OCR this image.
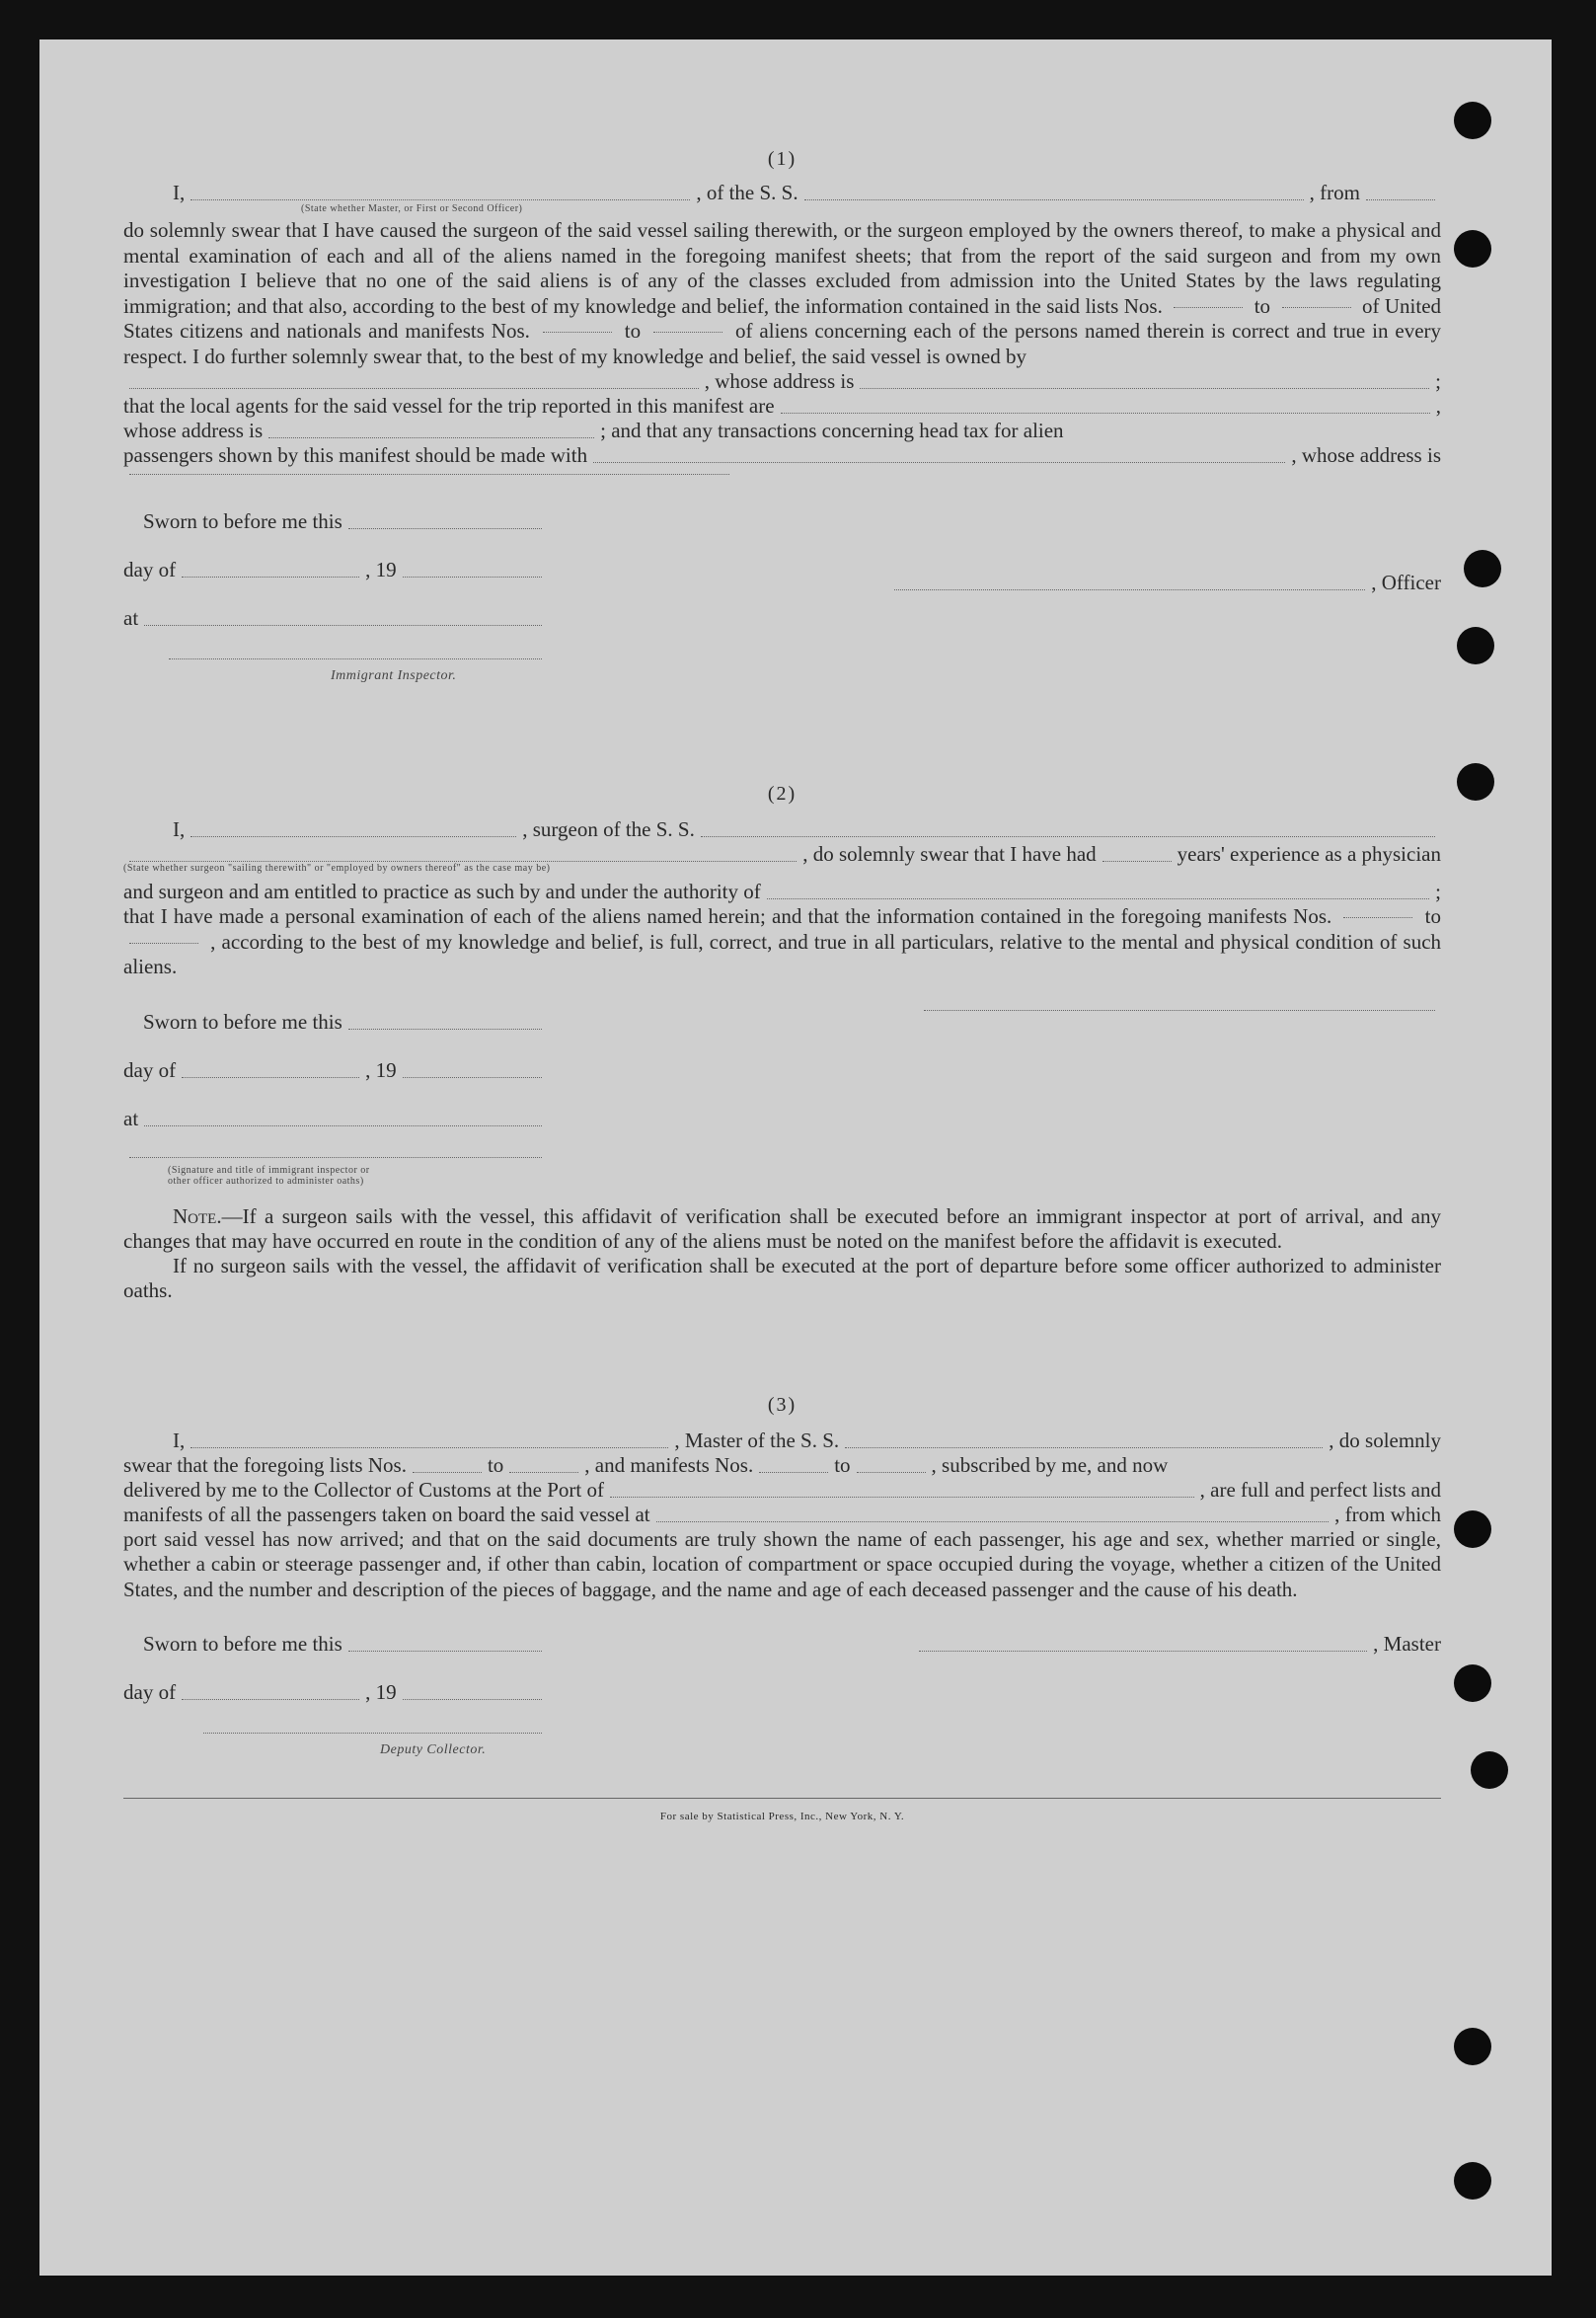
(1)
I,	, of the S. S.	, from
(State whether Master, or First or Second Officer)
do solemnly swear that I have caused the surgeon of the said vessel sailing therewith, or the surgeon employed by the owners thereof, to make a physical and mental examination of each and all of the aliens named in the foregoing manifest sheets; that from the report of the said surgeon and from my own investigation I believe that no one of the said aliens is of any of the classes excluded from admission into the United States by the laws regulating immigration; and that also, according to the best of my knowledge and belief, the information contained in the said lists Nos.	to	of United States citizens and nationals and manifests Nos.	to	of aliens concerning each of the persons named therein is correct and true in every respect. I do further solemnly swear that, to the best of my knowledge and belief, the said vessel is owned by
, whose address is	;
that the local agents for the said vessel for the trip reported in this manifest are	,
whose address is	; and that any transactions concerning head tax for alien
passengers shown by this manifest should be made with	, whose address is
Sworn to before me this
day of	, 19
at
Immigrant Inspector.
, Officer
(2)
I,	, surgeon of the S. S.
, do solemnly swear that I have had	years' experience as a physician
(State whether surgeon "sailing therewith" or "employed by owners thereof" as the case may be)
and surgeon and am entitled to practice as such by and under the authority of	;
that I have made a personal examination of each of the aliens named herein; and that the information contained in the foregoing manifests Nos.	to  , according to the best of my knowledge and belief, is full, correct, and true in all particulars, relative to the mental and physical condition of such aliens.
Sworn to before me this
day of	, 19
at
(Signature and title of immigrant inspector or
other officer authorized to administer oaths)
Note.—If a surgeon sails with the vessel, this affidavit of verification shall be executed before an immigrant inspector at port of arrival, and any changes that may have occurred en route in the condition of any of the aliens must be noted on the manifest before the affidavit is executed.
If no surgeon sails with the vessel, the affidavit of verification shall be executed at the port of departure before some officer authorized to administer oaths.
(3)
I,	, Master of the S. S.	, do solemnly
swear that the foregoing lists Nos.	to	, and manifests Nos.	to	, subscribed by me, and now
delivered by me to the Collector of Customs at the Port of	, are full and perfect lists and
manifests of all the passengers taken on board the said vessel at	, from which
port said vessel has now arrived; and that on the said documents are truly shown the name of each passenger, his age and sex, whether married or single, whether a cabin or steerage passenger and, if other than cabin, location of compartment or space occupied during the voyage, whether a citizen of the United States, and the number and description of the pieces of baggage, and the name and age of each deceased passenger and the cause of his death.
Sworn to before me this
day of	, 19
Deputy Collector.
, Master
For sale by Statistical Press, Inc., New York, N. Y.
